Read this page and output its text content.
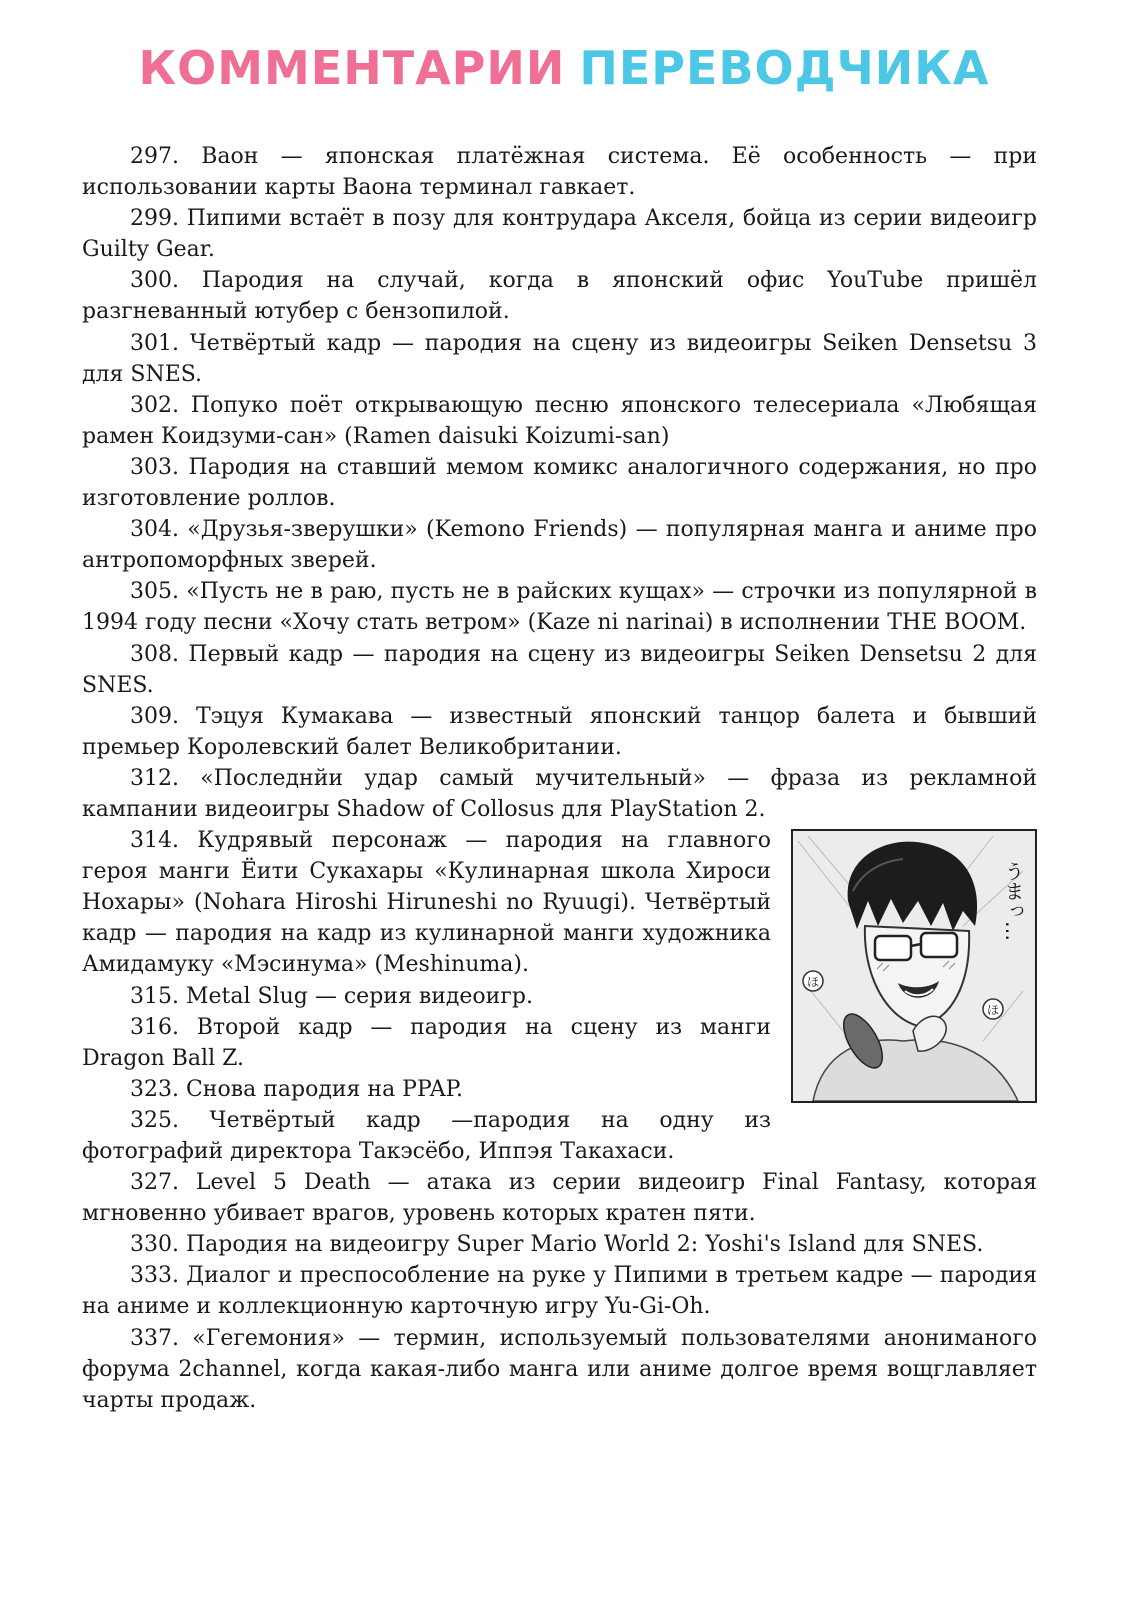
КОММЕНТАРИИ ПЕРЕВОДЧИКА

297. Ваон — японская платёжная система. Её особенность — при использовании карты Ваона терминал гавкает.

299. Пипими встаёт в позу для контрудара Акселя, бойца из серии видеоигр Guilty Gear.

300. Пародия на случай, когда в японский офис YouTube пришёл разгневанный ютубер с бензопилой.

301. Четвёртый кадр — пародия на сцену из видеоигры Seiken Densetsu 3 для SNES.

302. Попуко поёт открывающую песню японского телесериала «Любящая рамен Коидзуми-сан» (Ramen daisuki Koizumi-san)

303. Пародия на ставший мемом комикс аналогичного содержания, но про изготовление роллов.

304. «Друзья-зверушки» (Kemono Friends) — популярная манга и аниме про антропоморфных зверей.

305. «Пусть не в раю, пусть не в райских кущах» — строчки из популярной в 1994 году песни «Хочу стать ветром» (Kaze ni narinai) в исполнении THE BOOM.

308. Первый кадр — пародия на сцену из видеоигры Seiken Densetsu 2 для SNES.

309. Тэцуя Кумакава — известный японский танцор балета и бывший премьер Королевский балет Великобритании.

312. «Последнйи удар самый мучительный» — фраза из рекламной кампании видеоигры Shadow of Collosus для PlayStation 2.

ほ
ほ
うまっ…

314. Кудрявый персонаж — пародия на главного героя манги Ёити Сукахары «Кулинарная школа Хироси Нохары» (Nohara Hiroshi Hiruneshi no Ryuugi). Четвёртый кадр — пародия на кадр из кулинарной манги художника Амидамуку «Мэсинума» (Meshinuma).

315. Metal Slug — серия видеоигр.

316. Второй кадр — пародия на сцену из манги Dragon Ball Z.

323. Снова пародия на PPAP.

325. Четвёртый кадр —пародия на одну из фотографий директора Такэсёбо, Иппэя Такахаси.

327. Level 5 Death — атака из серии видеоигр Final Fantasy, которая мгновенно убивает врагов, уровень которых кратен пяти.

330. Пародия на видеоигру Super Mario World 2: Yoshi's Island для SNES.

333. Диалог и преспособление на руке у Пипими в третьем кадре — пародия на аниме и коллекционную карточную игру Yu-Gi-Oh.

337. «Гегемония» — термин, используемый пользователями анониманого форума 2channel, когда какая-либо манга или аниме долгое время вощглавляет чарты продаж.
